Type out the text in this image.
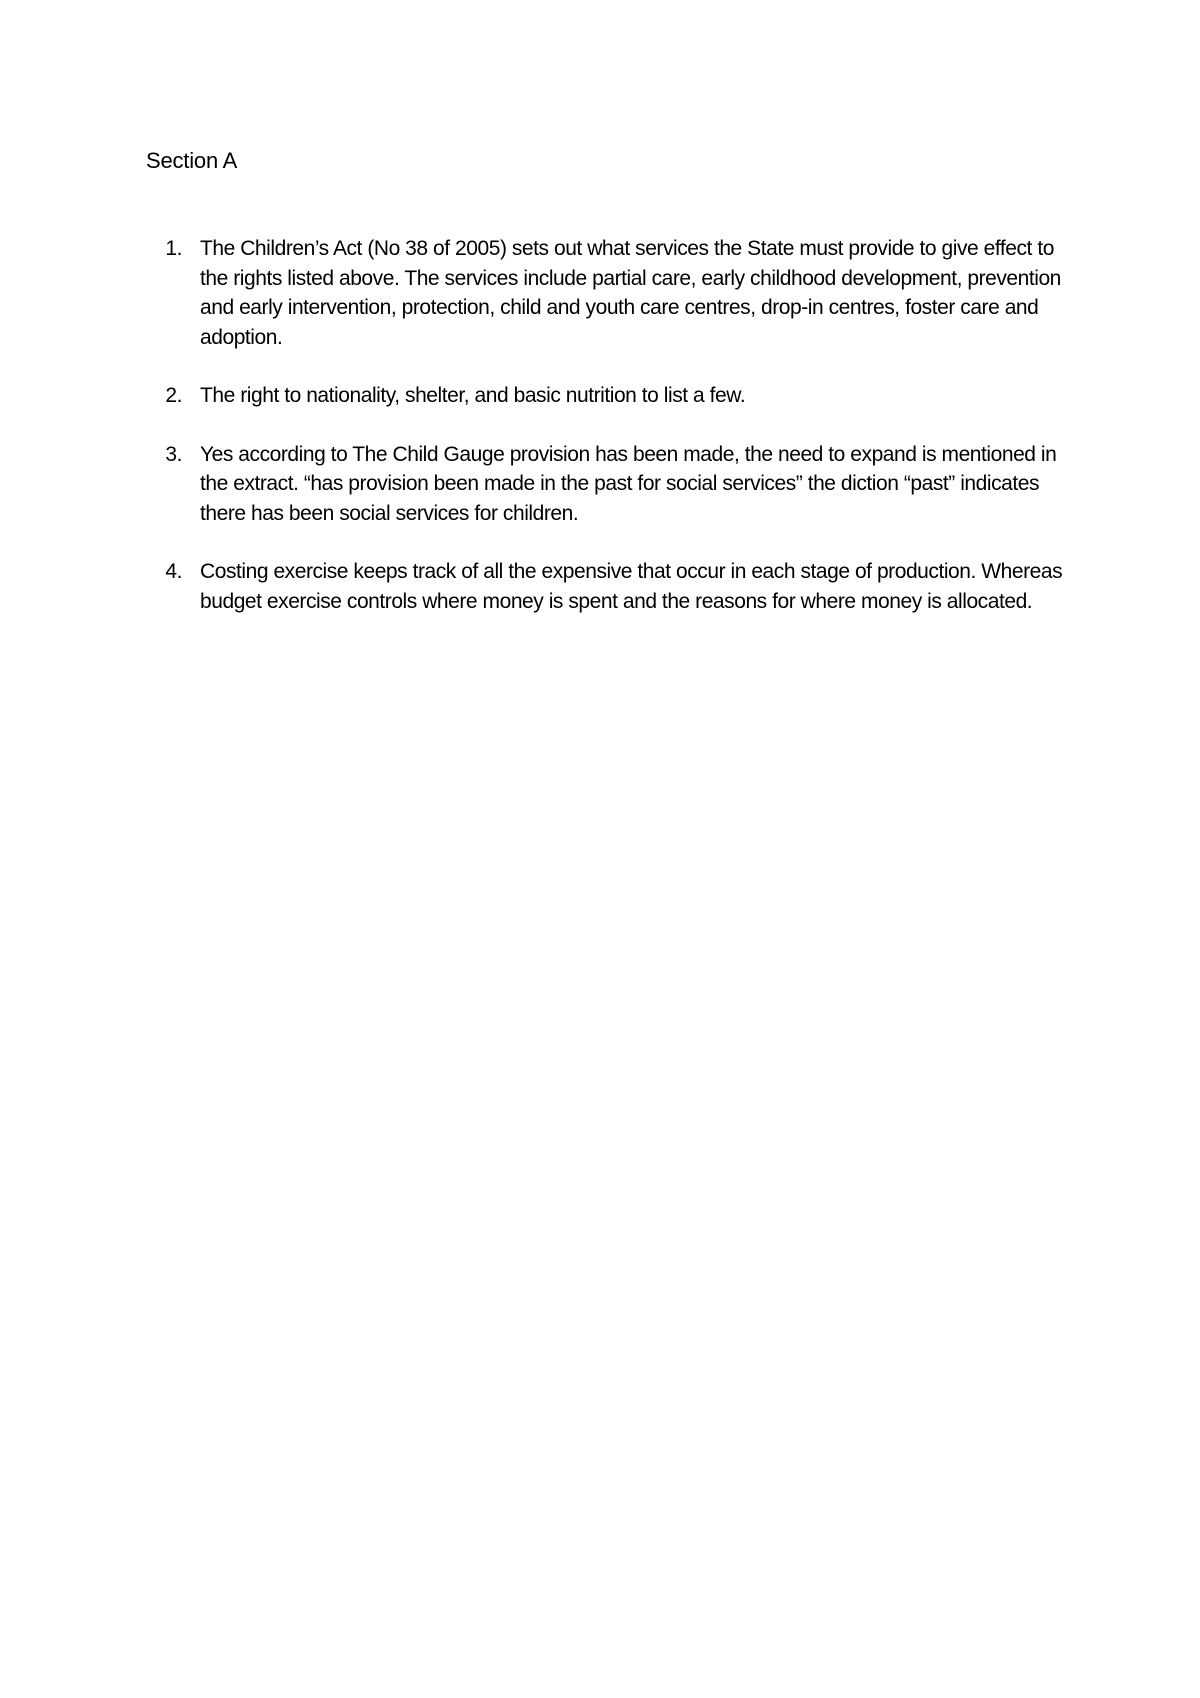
Section A
1. The Children’s Act (No 38 of 2005) sets out what services the State must provide to give effect to the rights listed above. The services include partial care, early childhood development, prevention and early intervention, protection, child and youth care centres, drop-in centres, foster care and adoption.
2. The right to nationality, shelter, and basic nutrition to list a few.
3. Yes according to The Child Gauge provision has been made, the need to expand is mentioned in the extract. “has provision been made in the past for social services” the diction “past” indicates there has been social services for children.
4. Costing exercise keeps track of all the expensive that occur in each stage of production. Whereas budget exercise controls where money is spent and the reasons for where money is allocated.
